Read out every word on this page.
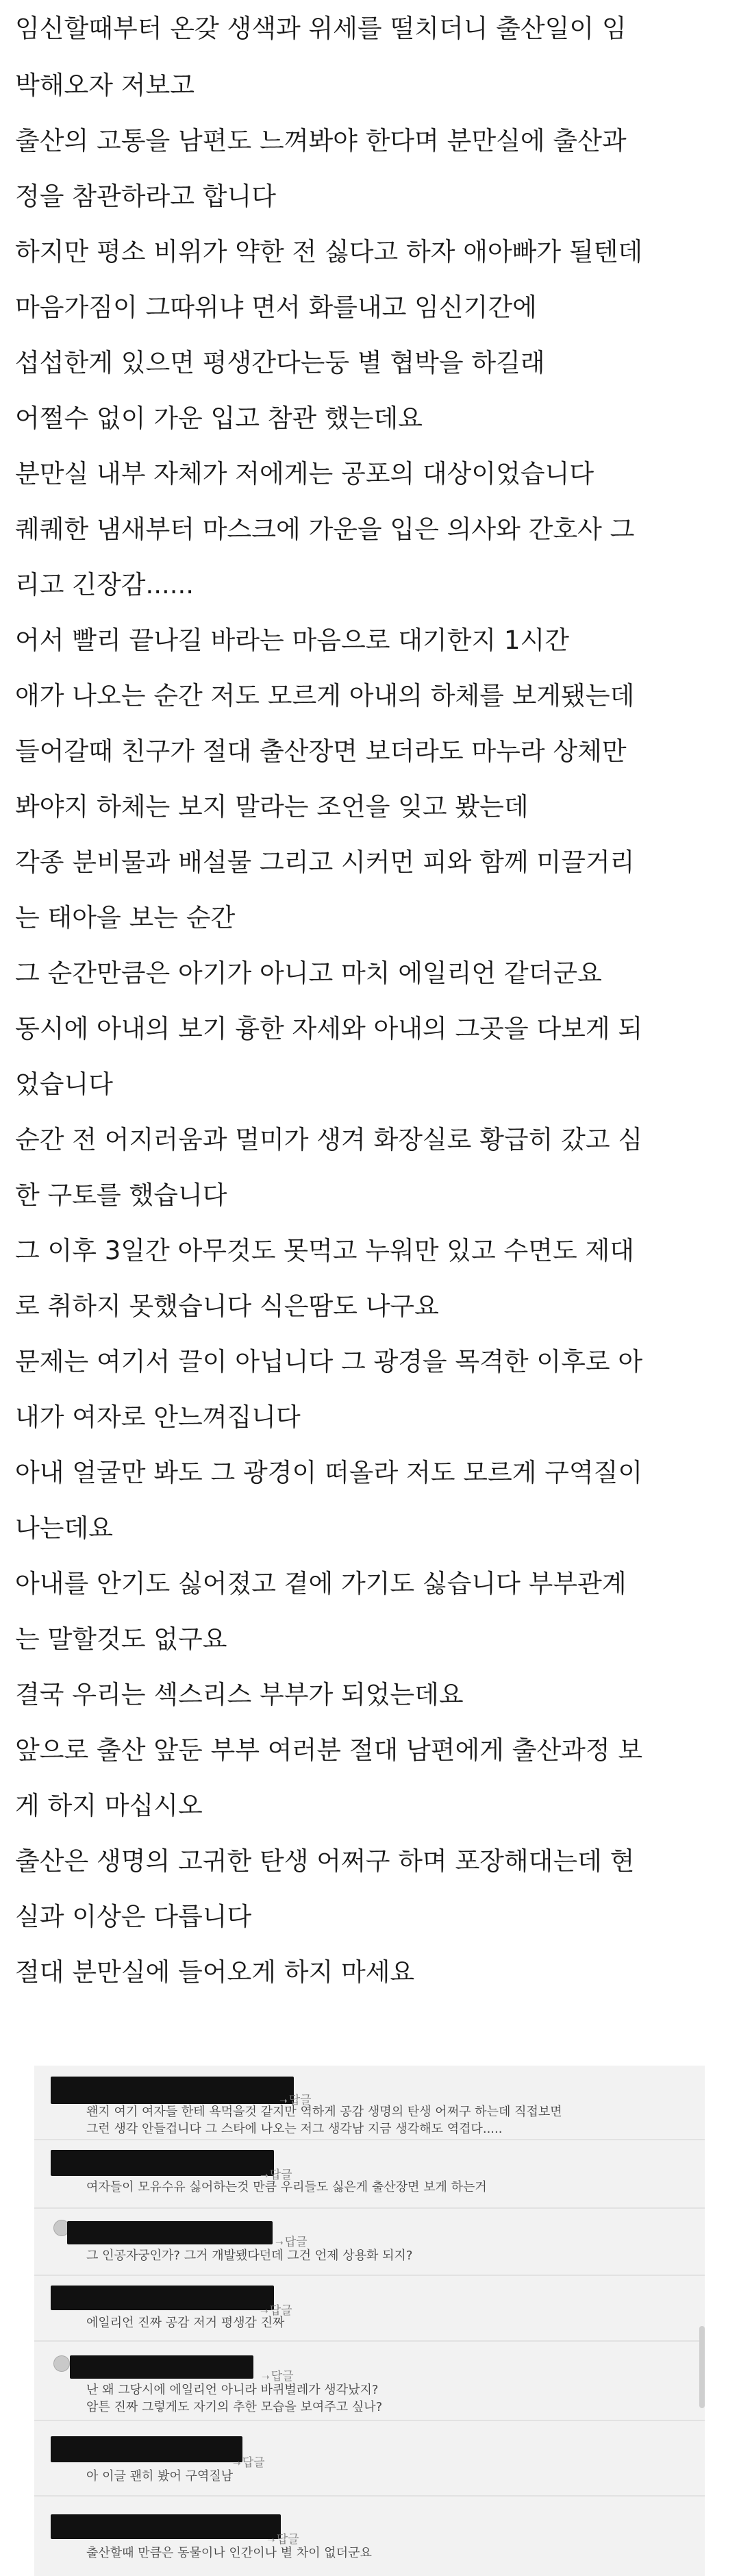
임신할때부터 온갖 생색과 위세를 떨치더니 출산일이 임

박해오자 저보고

출산의 고통을 남편도 느껴봐야 한다며 분만실에 출산과

정을 참관하라고 합니다

하지만 평소 비위가 약한 전 싫다고 하자 애아빠가 될텐데

마음가짐이 그따위냐 면서 화를내고 임신기간에

섭섭한게 있으면 평생간다는둥 별 협박을 하길래

어쩔수 없이 가운 입고 참관 했는데요

분만실 내부 자체가 저에게는 공포의 대상이었습니다

퀘퀘한 냄새부터 마스크에 가운을 입은 의사와 간호사 그

리고 긴장감......

어서 빨리 끝나길 바라는 마음으로 대기한지 1시간

애가 나오는 순간 저도 모르게 아내의 하체를 보게됐는데

들어갈때 친구가 절대 출산장면 보더라도 마누라 상체만

봐야지 하체는 보지 말라는 조언을 잊고 봤는데

각종 분비물과 배설물 그리고 시커먼 피와 함께 미끌거리

는 태아을 보는 순간

그 순간만큼은 아기가 아니고 마치 에일리언 같더군요

동시에 아내의 보기 흉한 자세와 아내의 그곳을 다보게 되

었습니다

순간 전 어지러움과 멀미가 생겨 화장실로 황급히 갔고 심

한 구토를 했습니다

그 이후 3일간 아무것도 못먹고 누워만 있고 수면도 제대

로 취하지 못했습니다 식은땀도 나구요

문제는 여기서 끌이 아닙니다 그 광경을 목격한 이후로 아

내가 여자로 안느껴집니다

아내 얼굴만 봐도 그 광경이 떠올라 저도 모르게 구역질이

나는데요

아내를 안기도 싫어졌고 곁에 가기도 싫습니다 부부관계

는 말할것도 없구요

결국 우리는 섹스리스 부부가 되었는데요

앞으로 출산 앞둔 부부 여러분 절대 남편에게 출산과정 보

게 하지 마십시오

출산은 생명의 고귀한 탄생 어쩌구 하며 포장해대는데 현

실과 이상은 다릅니다

절대 분만실에 들어오게 하지 마세요

➝ 답글
왠지 여기 여자들 한테 욕먹을것 같지만 역하게 공감 생명의 탄생 어쩌구 하는데 직접보면
그런 생각 안들겁니다 그 스타에 나오는 저그 생각남 지금 생각해도 역겹다.....
➝ 답글
여자들이 모유수유 싫어하는것 만큼 우리들도 싫은게 출산장면 보게 하는거
➝ 답글
그 인공자궁인가? 그거 개발됐다던데 그건 언제 상용화 되지?
➝ 답글
에일리언 진짜 공감 저거 평생감 진짜
➝ 답글
난 왜 그당시에 에일리언 아니라 바퀴벌레가 생각났지?
암튼 진짜 그렇게도 자기의 추한 모습을 보여주고 싶나?
➝ 답글
아 이글 괜히 봤어 구역질남
➝ 답글
출산할때 만큼은 동물이나 인간이나 별 차이 없더군요
